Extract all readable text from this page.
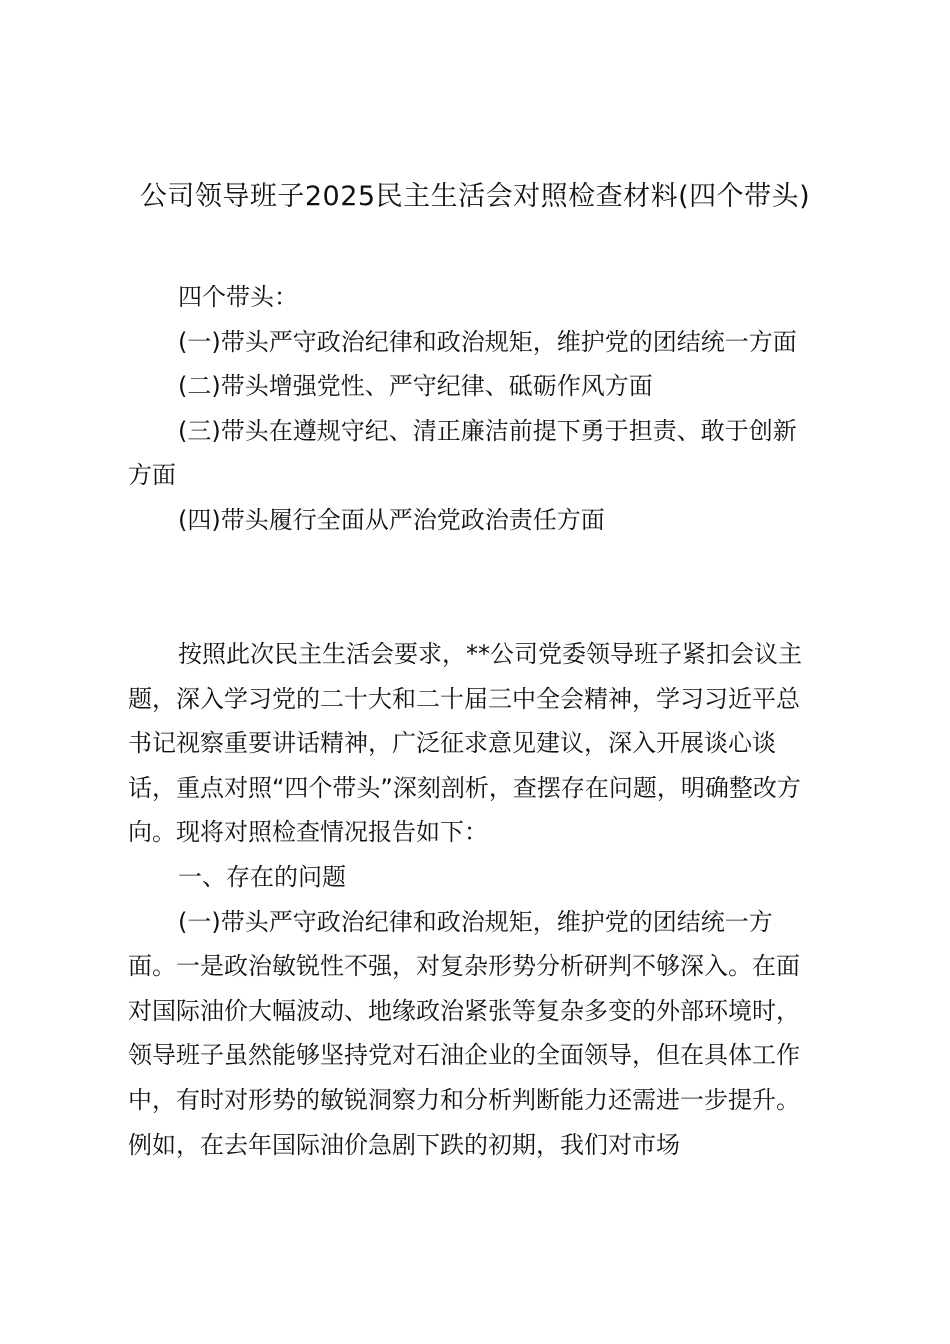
公司领导班子2025民主生活会对照检查材料(四个带头)

四个带头：

(一)带头严守政治纪律和政治规矩，维护党的团结统一方面

(二)带头增强党性、严守纪律、砥砺作风方面

(三)带头在遵规守纪、清正廉洁前提下勇于担责、敢于创新方面

(四)带头履行全面从严治党政治责任方面

按照此次民主生活会要求，**公司党委领导班子紧扣会议主题，深入学习党的二十大和二十届三中全会精神，学习习近平总书记视察重要讲话精神，广泛征求意见建议，深入开展谈心谈话，重点对照“四个带头”深刻剖析，查摆存在问题，明确整改方向。现将对照检查情况报告如下：

一、存在的问题

(一)带头严守政治纪律和政治规矩，维护党的团结统一方面。一是政治敏锐性不强，对复杂形势分析研判不够深入。在面对国际油价大幅波动、地缘政治紧张等复杂多变的外部环境时，领导班子虽然能够坚持党对石油企业的全面领导，但在具体工作中，有时对形势的敏锐洞察力和分析判断能力还需进一步提升。例如，在去年国际油价急剧下跌的初期，我们对市场
